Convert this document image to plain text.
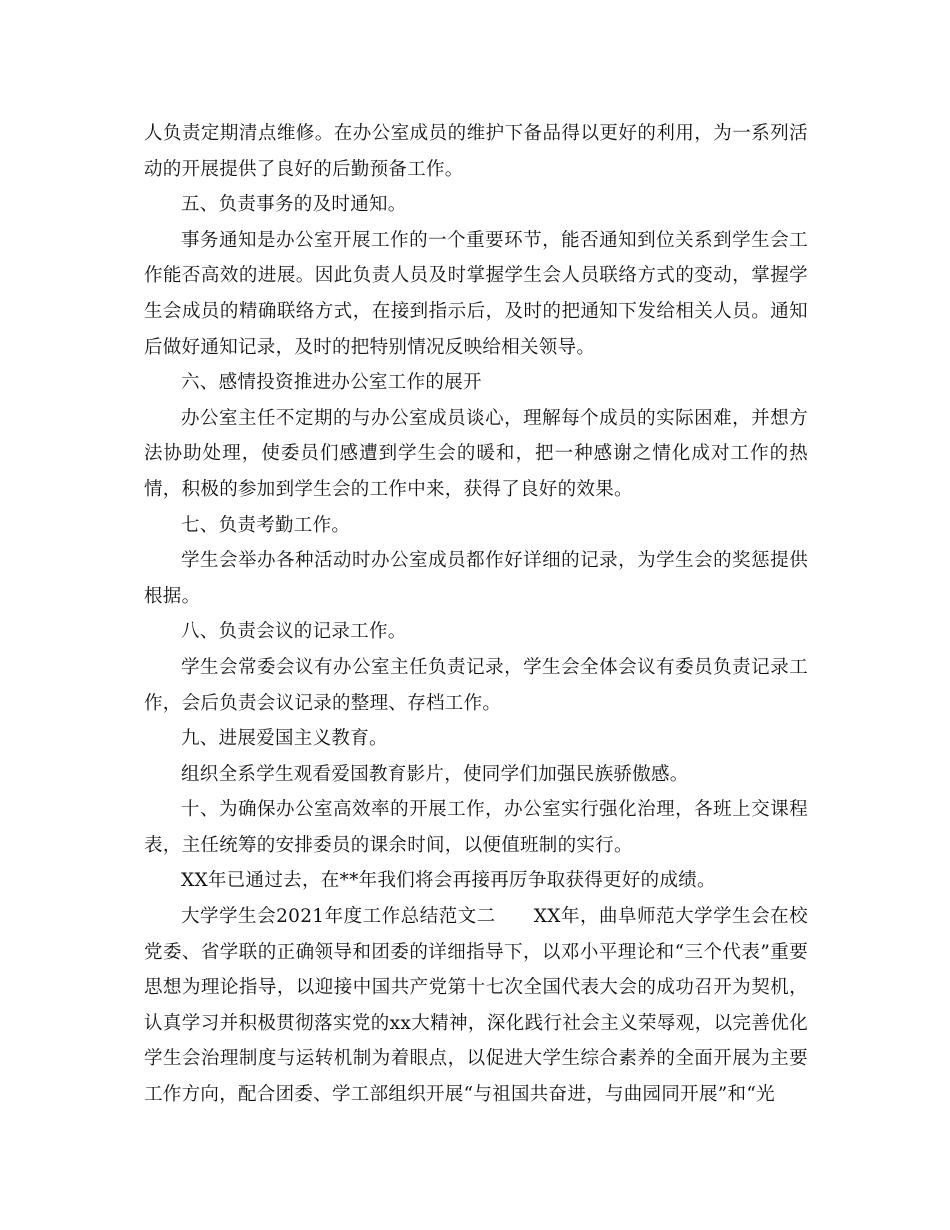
人负责定期清点维修。在办公室成员的维护下备品得以更好的利用，为一系列活动的开展提供了良好的后勤预备工作。

五、负责事务的及时通知。

事务通知是办公室开展工作的一个重要环节，能否通知到位关系到学生会工作能否高效的进展。因此负责人员及时掌握学生会人员联络方式的变动，掌握学生会成员的精确联络方式，在接到指示后，及时的把通知下发给相关人员。通知后做好通知记录，及时的把特别情况反映给相关领导。

六、感情投资推进办公室工作的展开

办公室主任不定期的与办公室成员谈心，理解每个成员的实际困难，并想方法协助处理，使委员们感遭到学生会的暖和，把一种感谢之情化成对工作的热情，积极的参加到学生会的工作中来，获得了良好的效果。

七、负责考勤工作。

学生会举办各种活动时办公室成员都作好详细的记录，为学生会的奖惩提供根据。

八、负责会议的记录工作。

学生会常委会议有办公室主任负责记录，学生会全体会议有委员负责记录工作，会后负责会议记录的整理、存档工作。

九、进展爱国主义教育。

组织全系学生观看爱国教育影片，使同学们加强民族骄傲感。

十、为确保办公室高效率的开展工作，办公室实行强化治理，各班上交课程表，主任统筹的安排委员的课余时间，以便值班制的实行。

XX年已通过去，在**年我们将会再接再厉争取获得更好的成绩。

大学学生会2021年度工作总结范文二　　XX年，曲阜师范大学学生会在校党委、省学联的正确领导和团委的详细指导下，以邓小平理论和“三个代表”重要思想为理论指导，以迎接中国共产党第十七次全国代表大会的成功召开为契机，认真学习并积极贯彻落实党的xx大精神，深化践行社会主义荣辱观，以完善优化学生会治理制度与运转机制为着眼点，以促进大学生综合素养的全面开展为主要工作方向，配合团委、学工部组织开展“与祖国共奋进，与曲园同开展”和“光
